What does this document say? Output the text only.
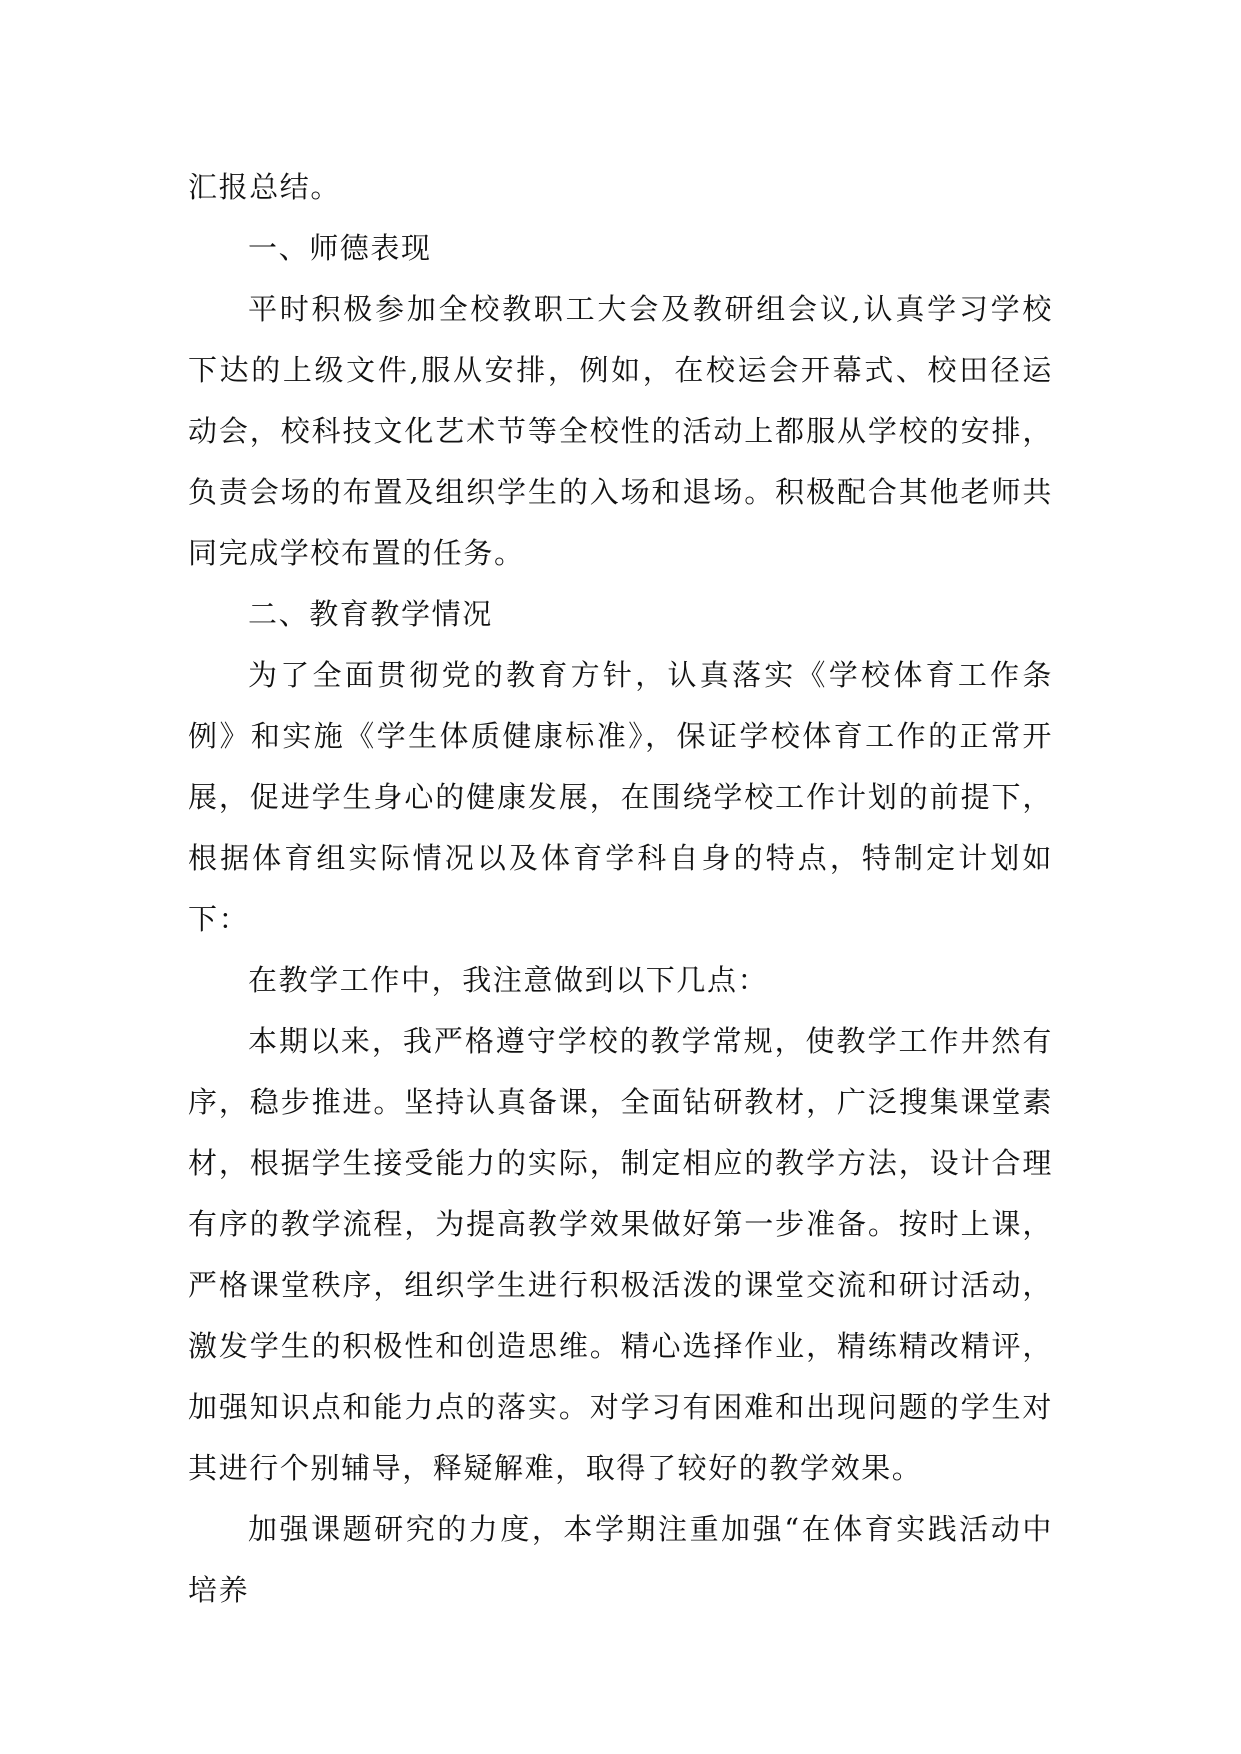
汇报总结。

一、师德表现

平时积极参加全校教职工大会及教研组会议,认真学习学校下达的上级文件,服从安排，例如，在校运会开幕式、校田径运动会，校科技文化艺术节等全校性的活动上都服从学校的安排，负责会场的布置及组织学生的入场和退场。积极配合其他老师共同完成学校布置的任务。

二、教育教学情况

为了全面贯彻党的教育方针，认真落实《学校体育工作条例》和实施《学生体质健康标准》，保证学校体育工作的正常开展，促进学生身心的健康发展，在围绕学校工作计划的前提下，根据体育组实际情况以及体育学科自身的特点，特制定计划如下：

在教学工作中，我注意做到以下几点：

本期以来，我严格遵守学校的教学常规，使教学工作井然有序，稳步推进。坚持认真备课，全面钻研教材，广泛搜集课堂素材，根据学生接受能力的实际，制定相应的教学方法，设计合理有序的教学流程，为提高教学效果做好第一步准备。按时上课，严格课堂秩序，组织学生进行积极活泼的课堂交流和研讨活动，激发学生的积极性和创造思维。精心选择作业，精练精改精评，加强知识点和能力点的落实。对学习有困难和出现问题的学生对其进行个别辅导，释疑解难，取得了较好的教学效果。

加强课题研究的力度，本学期注重加强“在体育实践活动中培养
